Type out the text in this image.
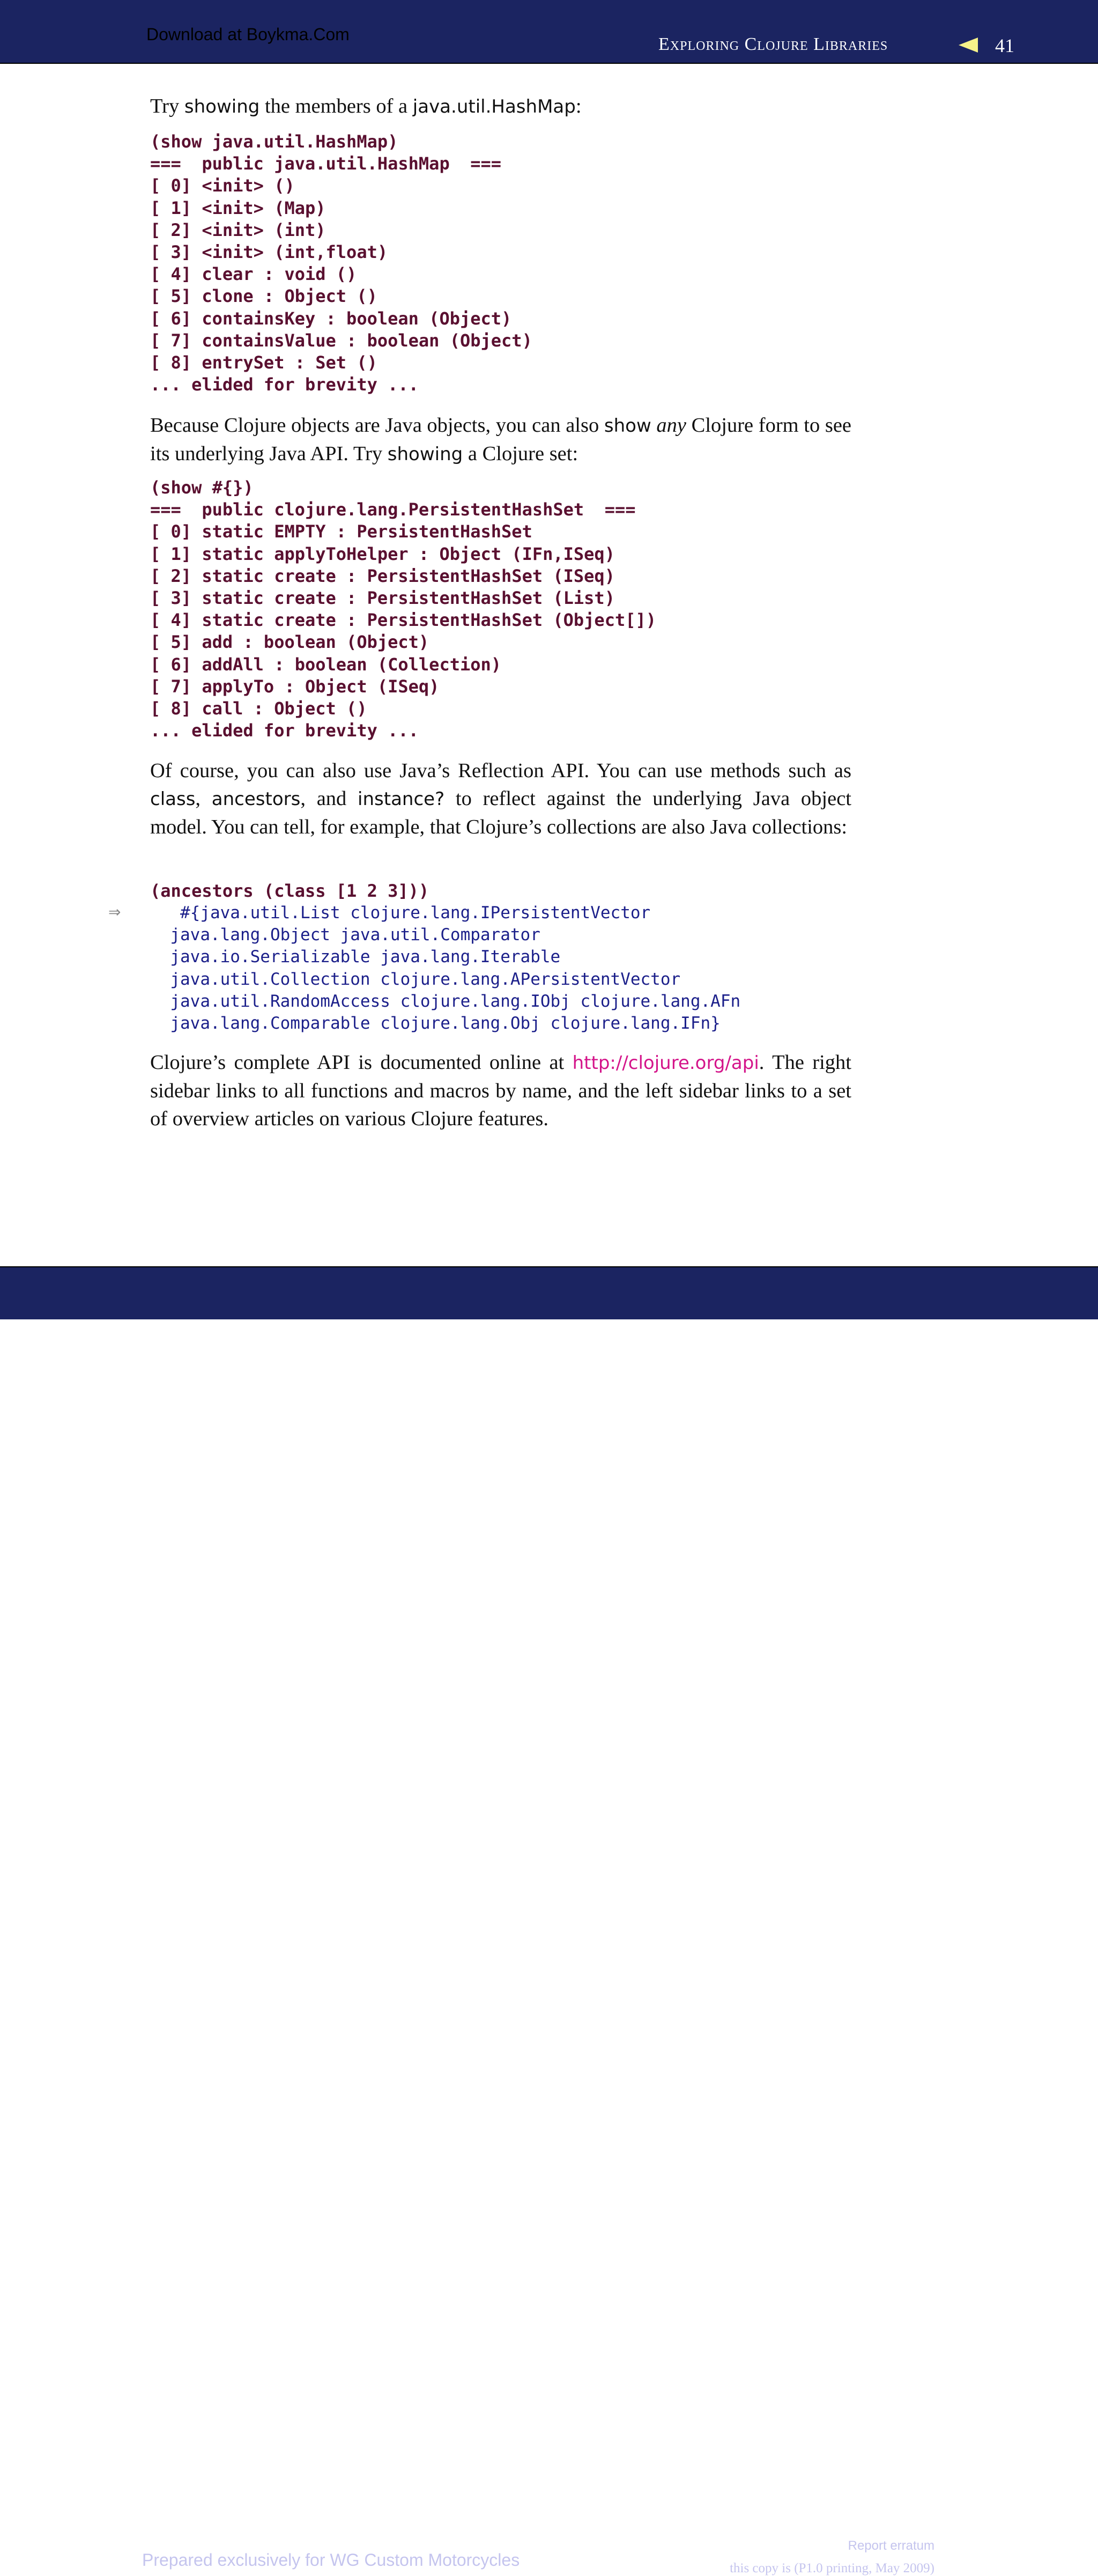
Download at Boykma.Com	Exploring Clojure Libraries	41

Try showing the members of a java.util.HashMap:

(show java.util.HashMap)
===  public java.util.HashMap  ===
[ 0] <init> ()
[ 1] <init> (Map)
[ 2] <init> (int)
[ 3] <init> (int,float)
[ 4] clear : void ()
[ 5] clone : Object ()
[ 6] containsKey : boolean (Object)
[ 7] containsValue : boolean (Object)
[ 8] entrySet : Set ()
... elided for brevity ...

Because Clojure objects are Java objects, you can also show any Clojure form to see its underlying Java API. Try showing a Clojure set:

(show #{})
===  public clojure.lang.PersistentHashSet  ===
[ 0] static EMPTY : PersistentHashSet
[ 1] static applyToHelper : Object (IFn,ISeq)
[ 2] static create : PersistentHashSet (ISeq)
[ 3] static create : PersistentHashSet (List)
[ 4] static create : PersistentHashSet (Object[])
[ 5] add : boolean (Object)
[ 6] addAll : boolean (Collection)
[ 7] applyTo : Object (ISeq)
[ 8] call : Object ()
... elided for brevity ...

Of course, you can also use Java’s Reflection API. You can use methods such as class, ancestors, and instance? to reflect against the underlying Java object model. You can tell, for example, that Clojure’s collections are also Java collections:

(ancestors (class [1 2 3]))
#{java.util.List clojure.lang.IPersistentVector
java.lang.Object java.util.Comparator
java.io.Serializable java.lang.Iterable
java.util.Collection clojure.lang.APersistentVector
java.util.RandomAccess clojure.lang.IObj clojure.lang.AFn
java.lang.Comparable clojure.lang.Obj clojure.lang.IFn}

Clojure’s complete API is documented online at http://clojure.org/api. The right sidebar links to all functions and macros by name, and the left sidebar links to a set of overview articles on various Clojure features.

⇒
Prepared exclusively for WG Custom Motorcycles
Report erratum
this copy is (P1.0 printing, May 2009)
